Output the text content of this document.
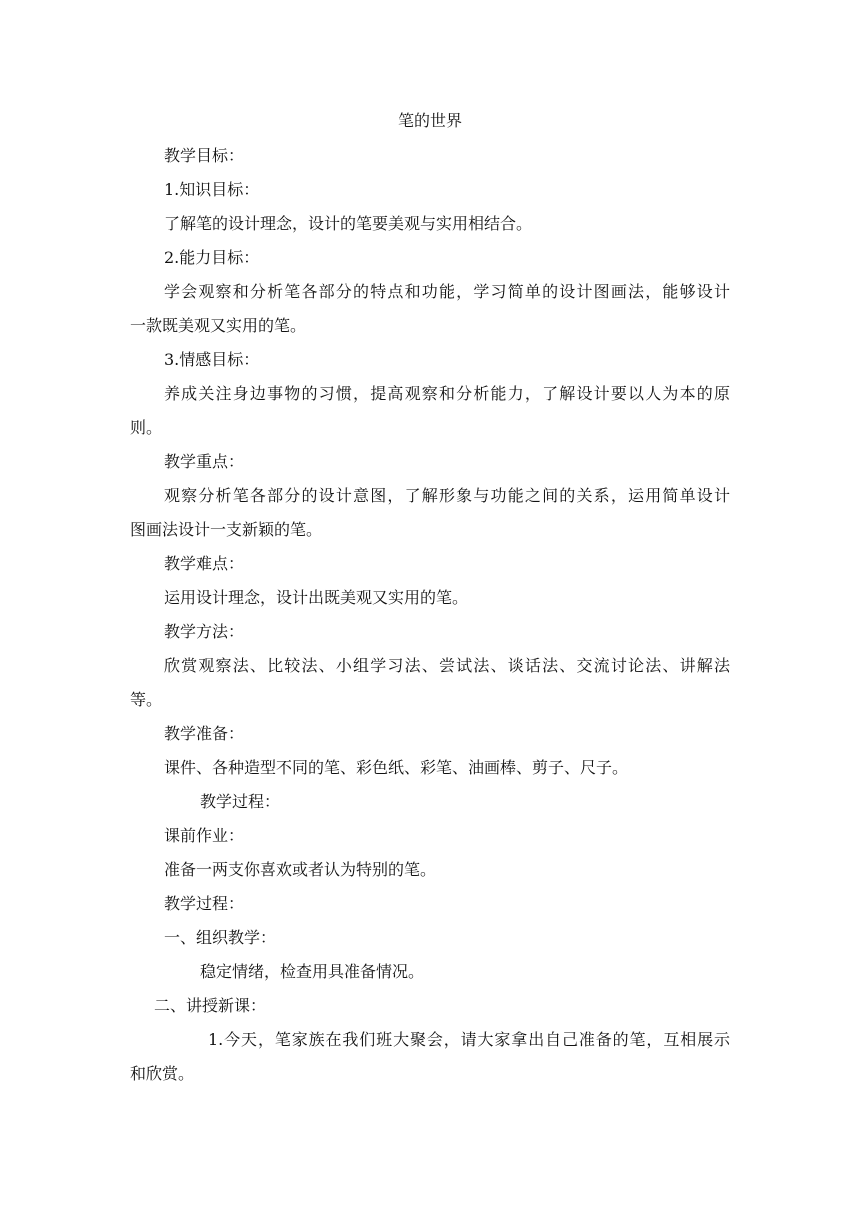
笔的世界
教学目标：
1.知识目标：
了解笔的设计理念，设计的笔要美观与实用相结合。
2.能力目标：
学会观察和分析笔各部分的特点和功能，学习简单的设计图画法，能够设计
一款既美观又实用的笔。
3.情感目标：
养成关注身边事物的习惯，提高观察和分析能力，了解设计要以人为本的原
则。
教学重点：
观察分析笔各部分的设计意图，了解形象与功能之间的关系，运用简单设计
图画法设计一支新颖的笔。
教学难点：
运用设计理念，设计出既美观又实用的笔。
教学方法：
欣赏观察法、比较法、小组学习法、尝试法、谈话法、交流讨论法、讲解法
等。
教学准备：
课件、各种造型不同的笔、彩色纸、彩笔、油画棒、剪子、尺子。
教学过程：
课前作业：
准备一两支你喜欢或者认为特别的笔。
教学过程：
一、组织教学：
稳定情绪，检查用具准备情况。
二、讲授新课：
1.今天，笔家族在我们班大聚会，请大家拿出自己准备的笔，互相展示
和欣赏。
